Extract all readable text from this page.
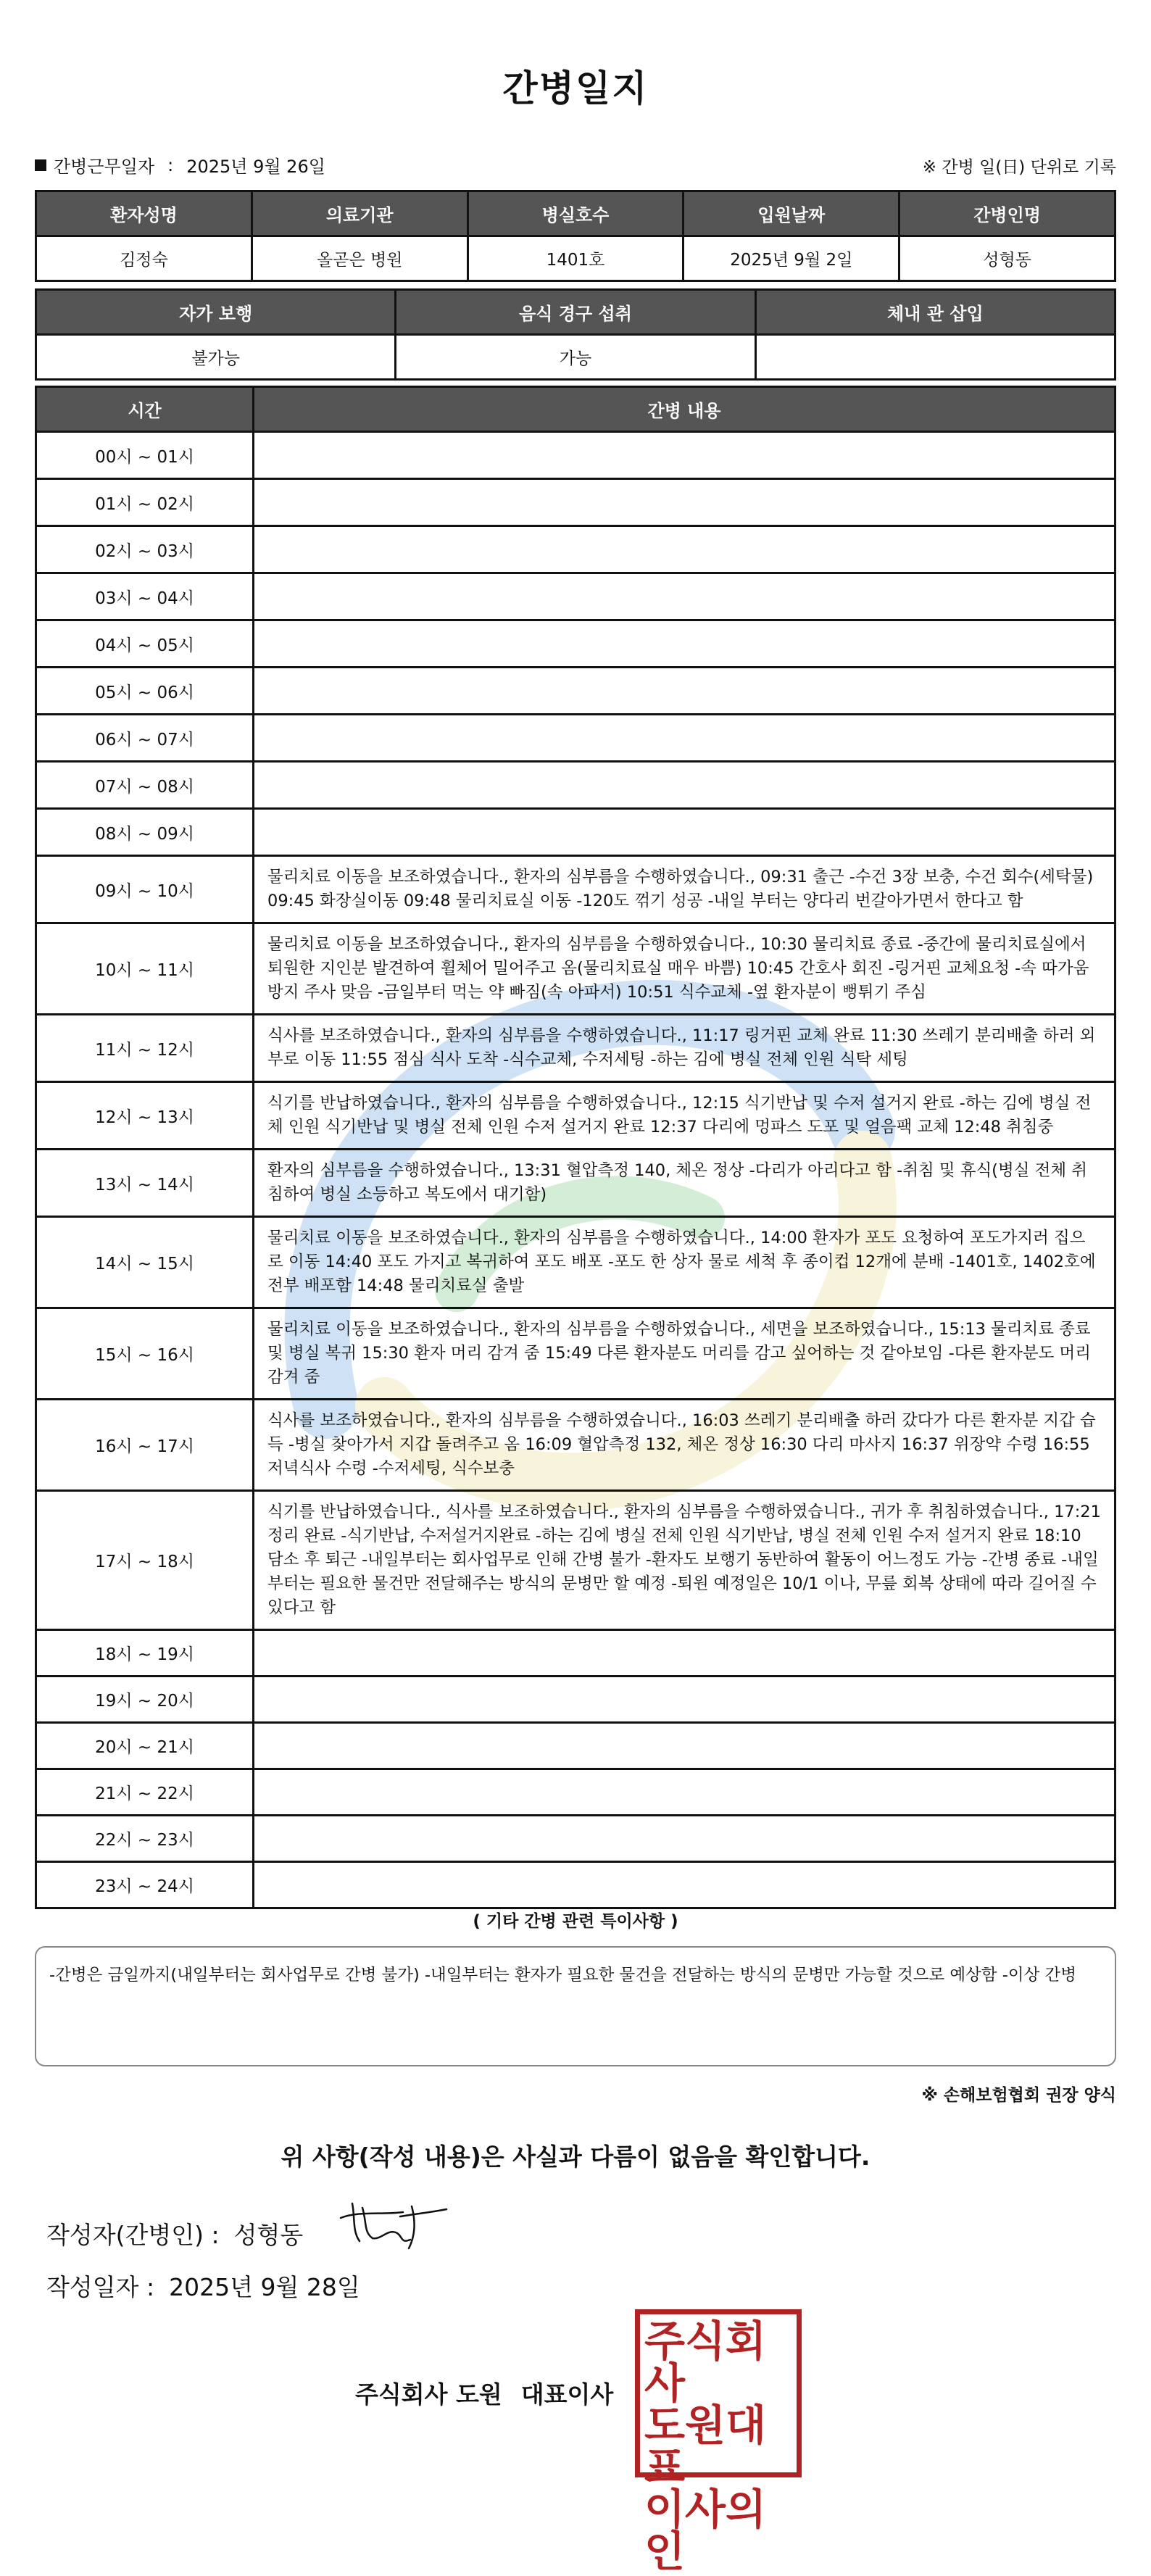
간병일지
간병근무일자 : 2025년 9월 26일	※ 간병 일(日) 단위로 기록
환자성명	의료기관	병실호수	입원날짜	간병인명
김정숙	올곧은 병원	1401호	2025년 9월 2일	성형동
자가 보행	음식 경구 섭취	체내 관 삽입
불가능	가능	
시간	간병 내용
00시 ~ 01시	
01시 ~ 02시	
02시 ~ 03시	
03시 ~ 04시	
04시 ~ 05시	
05시 ~ 06시	
06시 ~ 07시	
07시 ~ 08시	
08시 ~ 09시	
09시 ~ 10시	물리치료 이동을 보조하였습니다., 환자의 심부름을 수행하였습니다., 09:31 출근 -수건 3장 보충, 수건 회수(세탁물) 09:45 화장실이동 09:48 물리치료실 이동 -120도 꺾기 성공 -내일 부터는 양다리 번갈아가면서 한다고 함
10시 ~ 11시	물리치료 이동을 보조하였습니다., 환자의 심부름을 수행하였습니다., 10:30 물리치료 종료 -중간에 물리치료실에서 퇴원한 지인분 발견하여 휠체어 밀어주고 옴(물리치료실 매우 바쁨) 10:45 간호사 회진 -링거핀 교체요청 -속 따가움 방지 주사 맞음 -금일부터 먹는 약 빠짐(속 아파서) 10:51 식수교체 -옆 환자분이 뻥튀기 주심
11시 ~ 12시	식사를 보조하였습니다., 환자의 심부름을 수행하였습니다., 11:17 링거핀 교체 완료 11:30 쓰레기 분리배출 하러 외부로 이동 11:55 점심 식사 도착 -식수교체, 수저세팅 -하는 김에 병실 전체 인원 식탁 세팅
12시 ~ 13시	식기를 반납하였습니다., 환자의 심부름을 수행하였습니다., 12:15 식기반납 및 수저 설거지 완료 -하는 김에 병실 전체 인원 식기반납 및 병실 전체 인원 수저 설거지 완료 12:37 다리에 멍파스 도포 및 얼음팩 교체 12:48 취침중
13시 ~ 14시	환자의 심부름을 수행하였습니다., 13:31 혈압측정 140, 체온 정상 -다리가 아리다고 함 -취침 및 휴식(병실 전체 취침하여 병실 소등하고 복도에서 대기함)
14시 ~ 15시	물리치료 이동을 보조하였습니다., 환자의 심부름을 수행하였습니다., 14:00 환자가 포도 요청하여 포도가지러 집으로 이동 14:40 포도 가지고 복귀하여 포도 배포 -포도 한 상자 물로 세척 후 종이컵 12개에 분배 -1401호, 1402호에 전부 배포함 14:48 물리치료실 출발
15시 ~ 16시	물리치료 이동을 보조하였습니다., 환자의 심부름을 수행하였습니다., 세면을 보조하였습니다., 15:13 물리치료 종료 및 병실 복귀 15:30 환자 머리 감겨 줌 15:49 다른 환자분도 머리를 감고 싶어하는 것 같아보임 -다른 환자분도 머리 감겨 줌
16시 ~ 17시	식사를 보조하였습니다., 환자의 심부름을 수행하였습니다., 16:03 쓰레기 분리배출 하러 갔다가 다른 환자분 지갑 습득 -병실 찾아가서 지갑 돌려주고 옴 16:09 혈압측정 132, 체온 정상 16:30 다리 마사지 16:37 위장약 수령 16:55 저녁식사 수령 -수저세팅, 식수보충
17시 ~ 18시	식기를 반납하였습니다., 식사를 보조하였습니다., 환자의 심부름을 수행하였습니다., 귀가 후 취침하였습니다., 17:21 정리 완료 -식기반납, 수저설거지완료 -하는 김에 병실 전체 인원 식기반납, 병실 전체 인원 수저 설거지 완료 18:10 담소 후 퇴근 -내일부터는 회사업무로 인해 간병 불가 -환자도 보행기 동반하여 활동이 어느정도 가능 -간병 종료 -내일부터는 필요한 물건만 전달해주는 방식의 문병만 할 예정 -퇴원 예정일은 10/1 이나, 무릎 회복 상태에 따라 길어질 수 있다고 함
18시 ~ 19시	
19시 ~ 20시	
20시 ~ 21시	
21시 ~ 22시	
22시 ~ 23시	
23시 ~ 24시	
( 기타 간병 관련 특이사항 )
-간병은 금일까지(내일부터는 회사업무로 간병 불가) -내일부터는 환자가 필요한 물건을 전달하는 방식의 문병만 가능할 것으로 예상함 -이상 간병
※ 손해보험협회 권장 양식
위 사항(작성 내용)은 사실과 다름이 없음을 확인합니다.
작성자(간병인) : 성형동
작성일자 : 2025년 9월 28일
주식회사 도원 대표이사
주식회사
도원대표
이사의인
